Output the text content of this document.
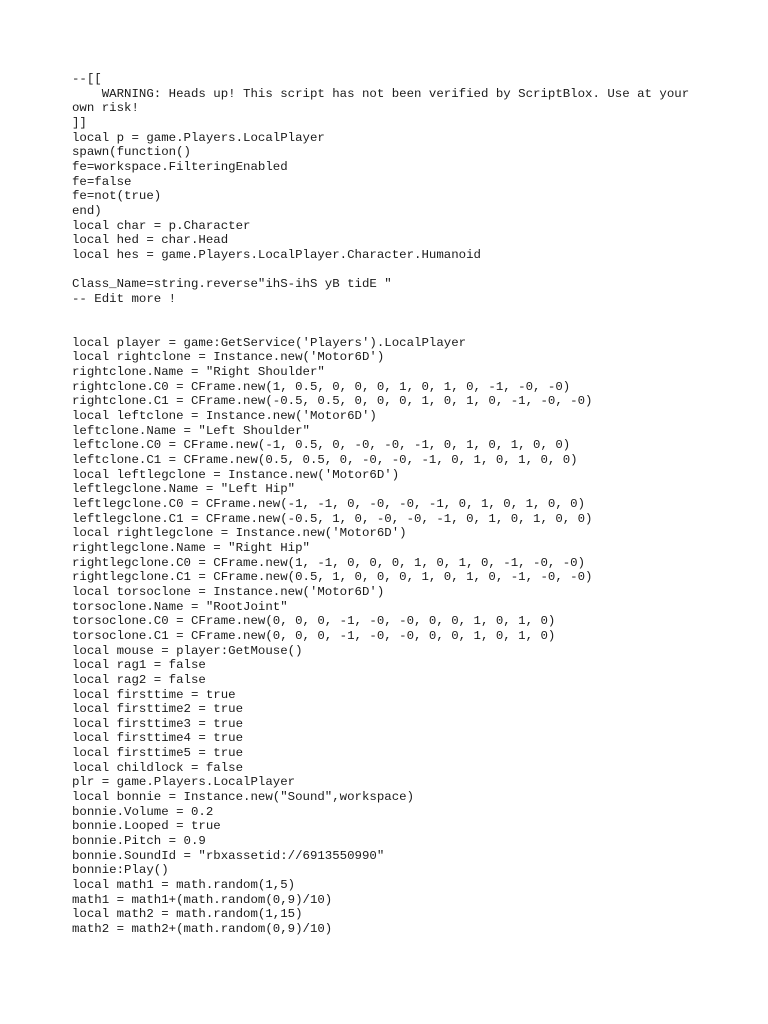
--[[
WARNING: Heads up! This script has not been verified by ScriptBlox. Use at your
own risk!
]]
local p = game.Players.LocalPlayer
spawn(function()
fe=workspace.FilteringEnabled
fe=false
fe=not(true)
end)
local char = p.Character
local hed = char.Head
local hes = game.Players.LocalPlayer.Character.Humanoid
Class_Name=string.reverse"ihS-ihS yB tidE "
-- Edit more !
local player = game:GetService('Players').LocalPlayer
local rightclone = Instance.new('Motor6D')
rightclone.Name = "Right Shoulder"
rightclone.C0 = CFrame.new(1, 0.5, 0, 0, 0, 1, 0, 1, 0, -1, -0, -0)
rightclone.C1 = CFrame.new(-0.5, 0.5, 0, 0, 0, 1, 0, 1, 0, -1, -0, -0)
local leftclone = Instance.new('Motor6D')
leftclone.Name = "Left Shoulder"
leftclone.C0 = CFrame.new(-1, 0.5, 0, -0, -0, -1, 0, 1, 0, 1, 0, 0)
leftclone.C1 = CFrame.new(0.5, 0.5, 0, -0, -0, -1, 0, 1, 0, 1, 0, 0)
local leftlegclone = Instance.new('Motor6D')
leftlegclone.Name = "Left Hip"
leftlegclone.C0 = CFrame.new(-1, -1, 0, -0, -0, -1, 0, 1, 0, 1, 0, 0)
leftlegclone.C1 = CFrame.new(-0.5, 1, 0, -0, -0, -1, 0, 1, 0, 1, 0, 0)
local rightlegclone = Instance.new('Motor6D')
rightlegclone.Name = "Right Hip"
rightlegclone.C0 = CFrame.new(1, -1, 0, 0, 0, 1, 0, 1, 0, -1, -0, -0)
rightlegclone.C1 = CFrame.new(0.5, 1, 0, 0, 0, 1, 0, 1, 0, -1, -0, -0)
local torsoclone = Instance.new('Motor6D')
torsoclone.Name = "RootJoint"
torsoclone.C0 = CFrame.new(0, 0, 0, -1, -0, -0, 0, 0, 1, 0, 1, 0)
torsoclone.C1 = CFrame.new(0, 0, 0, -1, -0, -0, 0, 0, 1, 0, 1, 0)
local mouse = player:GetMouse()
local rag1 = false
local rag2 = false
local firsttime = true
local firsttime2 = true
local firsttime3 = true
local firsttime4 = true
local firsttime5 = true
local childlock = false
plr = game.Players.LocalPlayer
local bonnie = Instance.new("Sound",workspace)
bonnie.Volume = 0.2
bonnie.Looped = true
bonnie.Pitch = 0.9
bonnie.SoundId = "rbxassetid://6913550990"
bonnie:Play()
local math1 = math.random(1,5)
math1 = math1+(math.random(0,9)/10)
local math2 = math.random(1,15)
math2 = math2+(math.random(0,9)/10)
